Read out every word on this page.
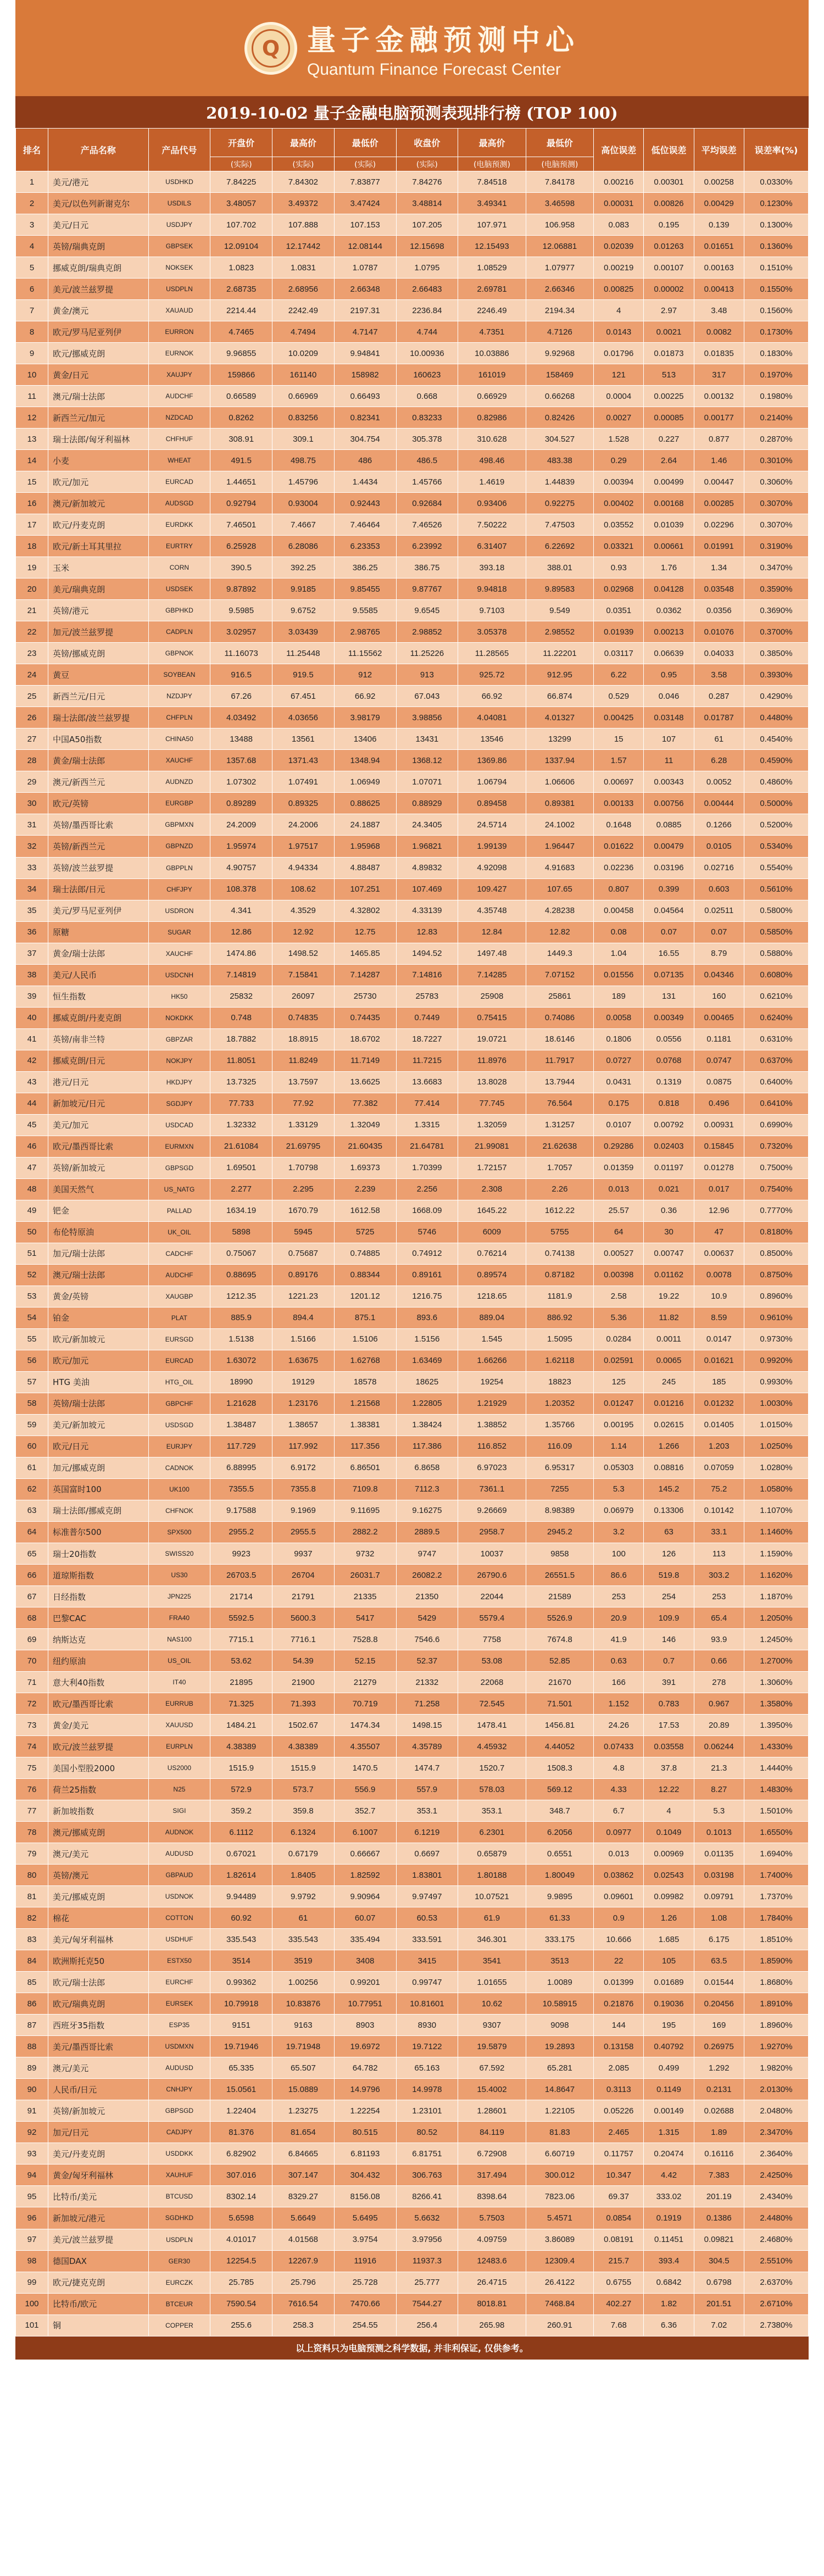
Q 量子金融预测中心
Quantum Finance Forecast Center
2019-10-02 量子金融电脑预测表现排行榜 (TOP 100)
排名	产品名称	产品代号	开盘价	最高价	最低价	收盘价	最高价	最低价	高位误差	低位误差	平均误差	误差率(%)
			(实际)	(实际)	(实际)	(实际)	(电脑预测)	(电脑预测)				
1	美元/港元	USDHKD	7.84225	7.84302	7.83877	7.84276	7.84518	7.84178	0.00216	0.00301	0.00258	0.0330%
2	美元/以色列新谢克尔	USDILS	3.48057	3.49372	3.47424	3.48814	3.49341	3.46598	0.00031	0.00826	0.00429	0.1230%
3	美元/日元	USDJPY	107.702	107.888	107.153	107.205	107.971	106.958	0.083	0.195	0.139	0.1300%
4	英镑/瑞典克朗	GBPSEK	12.09104	12.17442	12.08144	12.15698	12.15493	12.06881	0.02039	0.01263	0.01651	0.1360%
5	挪威克朗/瑞典克朗	NOKSEK	1.0823	1.0831	1.0787	1.0795	1.08529	1.07977	0.00219	0.00107	0.00163	0.1510%
6	美元/波兰兹罗提	USDPLN	2.68735	2.68956	2.66348	2.66483	2.69781	2.66346	0.00825	0.00002	0.00413	0.1550%
7	黄金/澳元	XAUAUD	2214.44	2242.49	2197.31	2236.84	2246.49	2194.34	4	2.97	3.48	0.1560%
8	欧元/罗马尼亚列伊	EURRON	4.7465	4.7494	4.7147	4.744	4.7351	4.7126	0.0143	0.0021	0.0082	0.1730%
9	欧元/挪威克朗	EURNOK	9.96855	10.0209	9.94841	10.00936	10.03886	9.92968	0.01796	0.01873	0.01835	0.1830%
10	黄金/日元	XAUJPY	159866	161140	158982	160623	161019	158469	121	513	317	0.1970%
11	澳元/瑞士法郎	AUDCHF	0.66589	0.66969	0.66493	0.668	0.66929	0.66268	0.0004	0.00225	0.00132	0.1980%
12	新西兰元/加元	NZDCAD	0.8262	0.83256	0.82341	0.83233	0.82986	0.82426	0.0027	0.00085	0.00177	0.2140%
13	瑞士法郎/匈牙利福林	CHFHUF	308.91	309.1	304.754	305.378	310.628	304.527	1.528	0.227	0.877	0.2870%
14	小麦	WHEAT	491.5	498.75	486	486.5	498.46	483.38	0.29	2.64	1.46	0.3010%
15	欧元/加元	EURCAD	1.44651	1.45796	1.4434	1.45766	1.4619	1.44839	0.00394	0.00499	0.00447	0.3060%
16	澳元/新加坡元	AUDSGD	0.92794	0.93004	0.92443	0.92684	0.93406	0.92275	0.00402	0.00168	0.00285	0.3070%
17	欧元/丹麦克朗	EURDKK	7.46501	7.4667	7.46464	7.46526	7.50222	7.47503	0.03552	0.01039	0.02296	0.3070%
18	欧元/新土耳其里拉	EURTRY	6.25928	6.28086	6.23353	6.23992	6.31407	6.22692	0.03321	0.00661	0.01991	0.3190%
19	玉米	CORN	390.5	392.25	386.25	386.75	393.18	388.01	0.93	1.76	1.34	0.3470%
20	美元/瑞典克朗	USDSEK	9.87892	9.9185	9.85455	9.87767	9.94818	9.89583	0.02968	0.04128	0.03548	0.3590%
21	英镑/港元	GBPHKD	9.5985	9.6752	9.5585	9.6545	9.7103	9.549	0.0351	0.0362	0.0356	0.3690%
22	加元/波兰兹罗提	CADPLN	3.02957	3.03439	2.98765	2.98852	3.05378	2.98552	0.01939	0.00213	0.01076	0.3700%
23	英镑/挪威克朗	GBPNOK	11.16073	11.25448	11.15562	11.25226	11.28565	11.22201	0.03117	0.06639	0.04033	0.3850%
24	黄豆	SOYBEAN	916.5	919.5	912	913	925.72	912.95	6.22	0.95	3.58	0.3930%
25	新西兰元/日元	NZDJPY	67.26	67.451	66.92	67.043	66.92	66.874	0.529	0.046	0.287	0.4290%
26	瑞士法郎/波兰兹罗提	CHFPLN	4.03492	4.03656	3.98179	3.98856	4.04081	4.01327	0.00425	0.03148	0.01787	0.4480%
27	中国A50指数	CHINA50	13488	13561	13406	13431	13546	13299	15	107	61	0.4540%
28	黄金/瑞士法郎	XAUCHF	1357.68	1371.43	1348.94	1368.12	1369.86	1337.94	1.57	11	6.28	0.4590%
29	澳元/新西兰元	AUDNZD	1.07302	1.07491	1.06949	1.07071	1.06794	1.06606	0.00697	0.00343	0.0052	0.4860%
30	欧元/英镑	EURGBP	0.89289	0.89325	0.88625	0.88929	0.89458	0.89381	0.00133	0.00756	0.00444	0.5000%
31	英镑/墨西哥比索	GBPMXN	24.2009	24.2006	24.1887	24.3405	24.5714	24.1002	0.1648	0.0885	0.1266	0.5200%
32	英镑/新西兰元	GBPNZD	1.95974	1.97517	1.95968	1.96821	1.99139	1.96447	0.01622	0.00479	0.0105	0.5340%
33	英镑/波兰兹罗提	GBPPLN	4.90757	4.94334	4.88487	4.89832	4.92098	4.91683	0.02236	0.03196	0.02716	0.5540%
34	瑞士法郎/日元	CHFJPY	108.378	108.62	107.251	107.469	109.427	107.65	0.807	0.399	0.603	0.5610%
35	美元/罗马尼亚列伊	USDRON	4.341	4.3529	4.32802	4.33139	4.35748	4.28238	0.00458	0.04564	0.02511	0.5800%
36	原糖	SUGAR	12.86	12.92	12.75	12.83	12.84	12.82	0.08	0.07	0.07	0.5850%
37	黄金/瑞士法郎	XAUCHF	1474.86	1498.52	1465.85	1494.52	1497.48	1449.3	1.04	16.55	8.79	0.5880%
38	美元/人民币	USDCNH	7.14819	7.15841	7.14287	7.14816	7.14285	7.07152	0.01556	0.07135	0.04346	0.6080%
39	恒生指数	HK50	25832	26097	25730	25783	25908	25861	189	131	160	0.6210%
40	挪威克朗/丹麦克朗	NOKDKK	0.748	0.74835	0.74435	0.7449	0.75415	0.74086	0.0058	0.00349	0.00465	0.6240%
41	英镑/南非兰特	GBPZAR	18.7882	18.8915	18.6702	18.7227	19.0721	18.6146	0.1806	0.0556	0.1181	0.6310%
42	挪威克朗/日元	NOKJPY	11.8051	11.8249	11.7149	11.7215	11.8976	11.7917	0.0727	0.0768	0.0747	0.6370%
43	港元/日元	HKDJPY	13.7325	13.7597	13.6625	13.6683	13.8028	13.7944	0.0431	0.1319	0.0875	0.6400%
44	新加坡元/日元	SGDJPY	77.733	77.92	77.382	77.414	77.745	76.564	0.175	0.818	0.496	0.6410%
45	美元/加元	USDCAD	1.32332	1.33129	1.32049	1.3315	1.32059	1.31257	0.0107	0.00792	0.00931	0.6990%
46	欧元/墨西哥比索	EURMXN	21.61084	21.69795	21.60435	21.64781	21.99081	21.62638	0.29286	0.02403	0.15845	0.7320%
47	英镑/新加坡元	GBPSGD	1.69501	1.70798	1.69373	1.70399	1.72157	1.7057	0.01359	0.01197	0.01278	0.7500%
48	美国天然气	US_NATG	2.277	2.295	2.239	2.256	2.308	2.26	0.013	0.021	0.017	0.7540%
49	钯金	PALLAD	1634.19	1670.79	1612.58	1668.09	1645.22	1612.22	25.57	0.36	12.96	0.7770%
50	布伦特原油	UK_OIL	5898	5945	5725	5746	6009	5755	64	30	47	0.8180%
51	加元/瑞士法郎	CADCHF	0.75067	0.75687	0.74885	0.74912	0.76214	0.74138	0.00527	0.00747	0.00637	0.8500%
52	澳元/瑞士法郎	AUDCHF	0.88695	0.89176	0.88344	0.89161	0.89574	0.87182	0.00398	0.01162	0.0078	0.8750%
53	黄金/英镑	XAUGBP	1212.35	1221.23	1201.12	1216.75	1218.65	1181.9	2.58	19.22	10.9	0.8960%
54	铂金	PLAT	885.9	894.4	875.1	893.6	889.04	886.92	5.36	11.82	8.59	0.9610%
55	欧元/新加坡元	EURSGD	1.5138	1.5166	1.5106	1.5156	1.545	1.5095	0.0284	0.0011	0.0147	0.9730%
56	欧元/加元	EURCAD	1.63072	1.63675	1.62768	1.63469	1.66266	1.62118	0.02591	0.0065	0.01621	0.9920%
57	HTG 美油	HTG_OIL	18990	19129	18578	18625	19254	18823	125	245	185	0.9930%
58	英镑/瑞士法郎	GBPCHF	1.21628	1.23176	1.21568	1.22805	1.21929	1.20352	0.01247	0.01216	0.01232	1.0030%
59	美元/新加坡元	USDSGD	1.38487	1.38657	1.38381	1.38424	1.38852	1.35766	0.00195	0.02615	0.01405	1.0150%
60	欧元/日元	EURJPY	117.729	117.992	117.356	117.386	116.852	116.09	1.14	1.266	1.203	1.0250%
61	加元/挪威克朗	CADNOK	6.88995	6.9172	6.86501	6.8658	6.97023	6.95317	0.05303	0.08816	0.07059	1.0280%
62	英国富时100	UK100	7355.5	7355.8	7109.8	7112.3	7361.1	7255	5.3	145.2	75.2	1.0580%
63	瑞士法郎/挪威克朗	CHFNOK	9.17588	9.1969	9.11695	9.16275	9.26669	8.98389	0.06979	0.13306	0.10142	1.1070%
64	标准普尔500	SPX500	2955.2	2955.5	2882.2	2889.5	2958.7	2945.2	3.2	63	33.1	1.1460%
65	瑞士20指数	SWISS20	9923	9937	9732	9747	10037	9858	100	126	113	1.1590%
66	道琼斯指数	US30	26703.5	26704	26031.7	26082.2	26790.6	26551.5	86.6	519.8	303.2	1.1620%
67	日经指数	JPN225	21714	21791	21335	21350	22044	21589	253	254	253	1.1870%
68	巴黎CAC	FRA40	5592.5	5600.3	5417	5429	5579.4	5526.9	20.9	109.9	65.4	1.2050%
69	纳斯达克	NAS100	7715.1	7716.1	7528.8	7546.6	7758	7674.8	41.9	146	93.9	1.2450%
70	纽约原油	US_OIL	53.62	54.39	52.15	52.37	53.08	52.85	0.63	0.7	0.66	1.2700%
71	意大利40指数	IT40	21895	21900	21279	21332	22068	21670	166	391	278	1.3060%
72	欧元/墨西哥比索	EURRUB	71.325	71.393	70.719	71.258	72.545	71.501	1.152	0.783	0.967	1.3580%
73	黄金/美元	XAUUSD	1484.21	1502.67	1474.34	1498.15	1478.41	1456.81	24.26	17.53	20.89	1.3950%
74	欧元/波兰兹罗提	EURPLN	4.38389	4.38389	4.35507	4.35789	4.45932	4.44052	0.07433	0.03558	0.06244	1.4330%
75	美国小型股2000	US2000	1515.9	1515.9	1470.5	1474.7	1520.7	1508.3	4.8	37.8	21.3	1.4440%
76	荷兰25指数	N25	572.9	573.7	556.9	557.9	578.03	569.12	4.33	12.22	8.27	1.4830%
77	新加坡指数	SIGI	359.2	359.8	352.7	353.1	353.1	348.7	6.7	4	5.3	1.5010%
78	澳元/挪威克朗	AUDNOK	6.1112	6.1324	6.1007	6.1219	6.2301	6.2056	0.0977	0.1049	0.1013	1.6550%
79	澳元/美元	AUDUSD	0.67021	0.67179	0.66667	0.6697	0.65879	0.6551	0.013	0.00969	0.01135	1.6940%
80	英镑/澳元	GBPAUD	1.82614	1.8405	1.82592	1.83801	1.80188	1.80049	0.03862	0.02543	0.03198	1.7400%
81	美元/挪威克朗	USDNOK	9.94489	9.9792	9.90964	9.97497	10.07521	9.9895	0.09601	0.09982	0.09791	1.7370%
82	棉花	COTTON	60.92	61	60.07	60.53	61.9	61.33	0.9	1.26	1.08	1.7840%
83	美元/匈牙利福林	USDHUF	335.543	335.543	335.494	333.591	346.301	333.175	10.666	1.685	6.175	1.8510%
84	欧洲斯托克50	ESTX50	3514	3519	3408	3415	3541	3513	22	105	63.5	1.8590%
85	欧元/瑞士法郎	EURCHF	0.99362	1.00256	0.99201	0.99747	1.01655	1.0089	0.01399	0.01689	0.01544	1.8680%
86	欧元/瑞典克朗	EURSEK	10.79918	10.83876	10.77951	10.81601	10.62	10.58915	0.21876	0.19036	0.20456	1.8910%
87	西班牙35指数	ESP35	9151	9163	8903	8930	9307	9098	144	195	169	1.8960%
88	美元/墨西哥比索	USDMXN	19.71946	19.71948	19.6972	19.7122	19.5879	19.2893	0.13158	0.40792	0.26975	1.9270%
89	澳元/美元	AUDUSD	65.335	65.507	64.782	65.163	67.592	65.281	2.085	0.499	1.292	1.9820%
90	人民币/日元	CNHJPY	15.0561	15.0889	14.9796	14.9978	15.4002	14.8647	0.3113	0.1149	0.2131	2.0130%
91	英镑/新加坡元	GBPSGD	1.22404	1.23275	1.22254	1.23101	1.28601	1.22105	0.05226	0.00149	0.02688	2.0480%
92	加元/日元	CADJPY	81.376	81.654	80.515	80.52	84.119	81.83	2.465	1.315	1.89	2.3470%
93	美元/丹麦克朗	USDDKK	6.82902	6.84665	6.81193	6.81751	6.72908	6.60719	0.11757	0.20474	0.16116	2.3640%
94	黄金/匈牙利福林	XAUHUF	307.016	307.147	304.432	306.763	317.494	300.012	10.347	4.42	7.383	2.4250%
95	比特币/美元	BTCUSD	8302.14	8329.27	8156.08	8266.41	8398.64	7823.06	69.37	333.02	201.19	2.4340%
96	新加坡元/港元	SGDHKD	5.6598	5.6649	5.6495	5.6632	5.7503	5.4571	0.0854	0.1919	0.1386	2.4480%
97	美元/波兰兹罗提	USDPLN	4.01017	4.01568	3.9754	3.97956	4.09759	3.86089	0.08191	0.11451	0.09821	2.4680%
98	德国DAX	GER30	12254.5	12267.9	11916	11937.3	12483.6	12309.4	215.7	393.4	304.5	2.5510%
99	欧元/捷克克朗	EURCZK	25.785	25.796	25.728	25.777	26.4715	26.4122	0.6755	0.6842	0.6798	2.6370%
100	比特币/欧元	BTCEUR	7590.54	7616.54	7470.66	7544.27	8018.81	7468.84	402.27	1.82	201.51	2.6710%
101	铜	COPPER	255.6	258.3	254.55	256.4	265.98	260.91	7.68	6.36	7.02	2.7380%
以上资料只为电脑预测之科学数据, 并非利保证, 仅供参考。
